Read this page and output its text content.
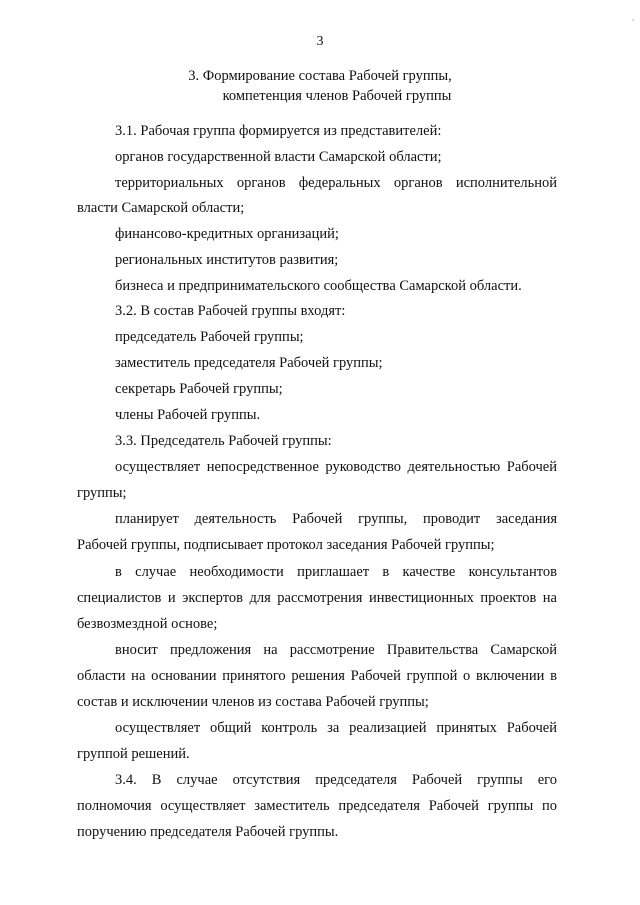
,
3
3. Формирование состава Рабочей группы,
компетенция членов Рабочей группы
3.1. Рабочая группа формируется из представителей:
органов государственной власти Самарской области;
территориальных органов федеральных органов исполнительной
власти Самарской области;
финансово-кредитных организаций;
региональных институтов развития;
бизнеса и предпринимательского сообщества Самарской области.
3.2. В состав Рабочей группы входят:
председатель Рабочей группы;
заместитель председателя Рабочей группы;
секретарь Рабочей группы;
члены Рабочей группы.
3.3. Председатель Рабочей группы:
осуществляет непосредственное руководство деятельностью Рабочей
группы;
планирует деятельность Рабочей группы, проводит заседания
Рабочей группы, подписывает протокол заседания Рабочей группы;
в случае необходимости приглашает в качестве консультантов
специалистов и экспертов для рассмотрения инвестиционных проектов на
безвозмездной основе;
вносит предложения на рассмотрение Правительства Самарской
области на основании принятого решения Рабочей группой о включении в
состав и исключении членов из состава Рабочей группы;
осуществляет общий контроль за реализацией принятых Рабочей
группой решений.
3.4. В случае отсутствия председателя Рабочей группы его
полномочия осуществляет заместитель председателя Рабочей группы по
поручению председателя Рабочей группы.
